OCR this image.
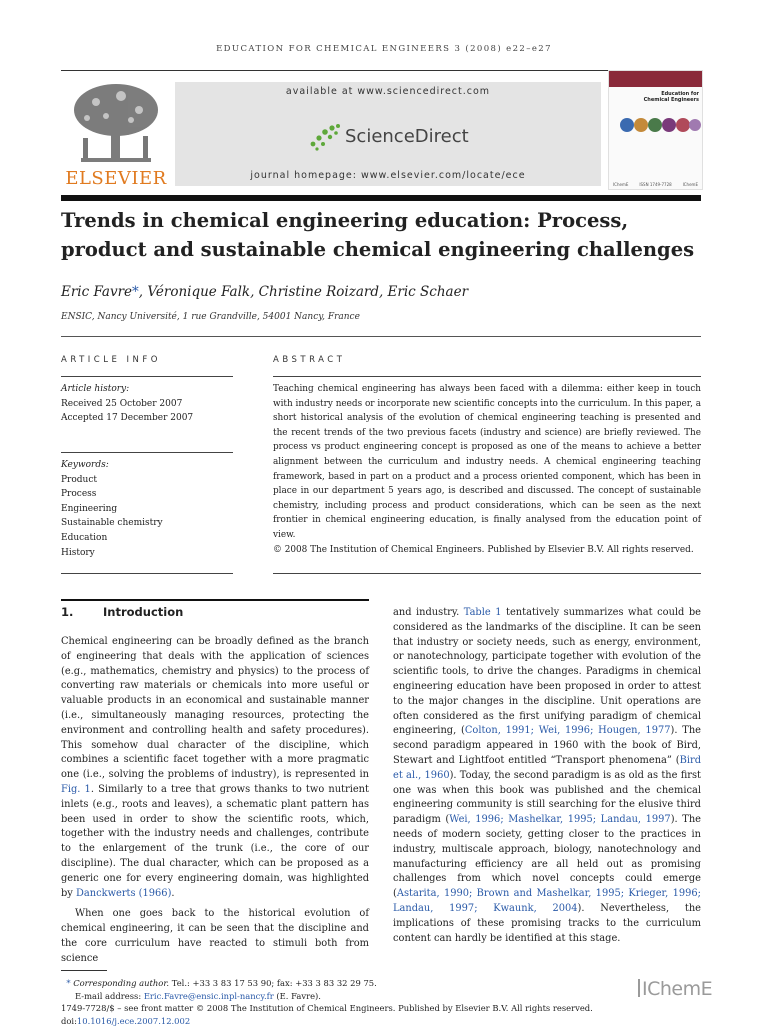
EDUCATION FOR CHEMICAL ENGINEERS 3 (2008) e22–e27
ELSEVIER
available at www.sciencedirect.com
ScienceDirect
journal homepage: www.elsevier.com/locate/ece
Education for Chemical Engineers
IChemE	ISSN 1749-7728	IChemE
Trends in chemical engineering education: Process, product and sustainable chemical engineering challenges
Eric Favre*, Véronique Falk, Christine Roizard, Eric Schaer
ENSIC, Nancy Université, 1 rue Grandville, 54001 Nancy, France
ARTICLE INFO
Article history:
Received 25 October 2007
Accepted 17 December 2007
Keywords:
Product
Process
Engineering
Sustainable chemistry
Education
History
ABSTRACT

Teaching chemical engineering has always been faced with a dilemma: either keep in touch with industry needs or incorporate new scientific concepts into the curriculum. In this paper, a short historical analysis of the evolution of chemical engineering teaching is presented and the recent trends of the two previous facets (industry and science) are briefly reviewed. The process vs product engineering concept is proposed as one of the means to achieve a better alignment between the curriculum and industry needs. A chemical engineering teaching framework, based in part on a product and a process oriented component, which has been in place in our department 5 years ago, is described and discussed. The concept of sustainable chemistry, including process and product considerations, which can be seen as the next frontier in chemical engineering education, is finally analysed from the education point of view.

© 2008 The Institution of Chemical Engineers. Published by Elsevier B.V. All rights reserved.

1.	Introduction

Chemical engineering can be broadly defined as the branch of engineering that deals with the application of sciences (e.g., mathematics, chemistry and physics) to the process of converting raw materials or chemicals into more useful or valuable products in an economical and sustainable manner (i.e., simultaneously managing resources, protecting the environment and controlling health and safety procedures). This somehow dual character of the discipline, which combines a scientific facet together with a more pragmatic one (i.e., solving the problems of industry), is represented in Fig. 1. Similarly to a tree that grows thanks to two nutrient inlets (e.g., roots and leaves), a schematic plant pattern has been used in order to show the scientific roots, which, together with the industry needs and challenges, contribute to the enlargement of the trunk (i.e., the core of our discipline). The dual character, which can be proposed as a generic one for every engineering domain, was highlighted by Danckwerts (1966).

When one goes back to the historical evolution of chemical engineering, it can be seen that the discipline and the core curriculum have reacted to stimuli both from science

and industry. Table 1 tentatively summarizes what could be considered as the landmarks of the discipline. It can be seen that industry or society needs, such as energy, environment, or nanotechnology, participate together with evolution of the scientific tools, to drive the changes. Paradigms in chemical engineering education have been proposed in order to attest to the major changes in the discipline. Unit operations are often considered as the first unifying paradigm of chemical engineering, (Colton, 1991; Wei, 1996; Hougen, 1977). The second paradigm appeared in 1960 with the book of Bird, Stewart and Lightfoot entitled “Transport phenomena” (Bird et al., 1960). Today, the second paradigm is as old as the first one was when this book was published and the chemical engineering community is still searching for the elusive third paradigm (Wei, 1996; Mashelkar, 1995; Landau, 1997). The needs of modern society, getting closer to the practices in industry, multiscale approach, biology, nanotechnology and manufacturing efficiency are all held out as promising challenges from which novel concepts could emerge (Astarita, 1990; Brown and Mashelkar, 1995; Krieger, 1996; Landau, 1997; Kwaunk, 2004). Nevertheless, the implications of these promising tracks to the curriculum content can hardly be identified at this stage.

* Corresponding author. Tel.: +33 3 83 17 53 90; fax: +33 3 83 32 29 75.
E-mail address: Eric.Favre@ensic.inpl-nancy.fr (E. Favre).
1749-7728/$ – see front matter © 2008 The Institution of Chemical Engineers. Published by Elsevier B.V. All rights reserved.
doi:10.1016/j.ece.2007.12.002
IChemE
